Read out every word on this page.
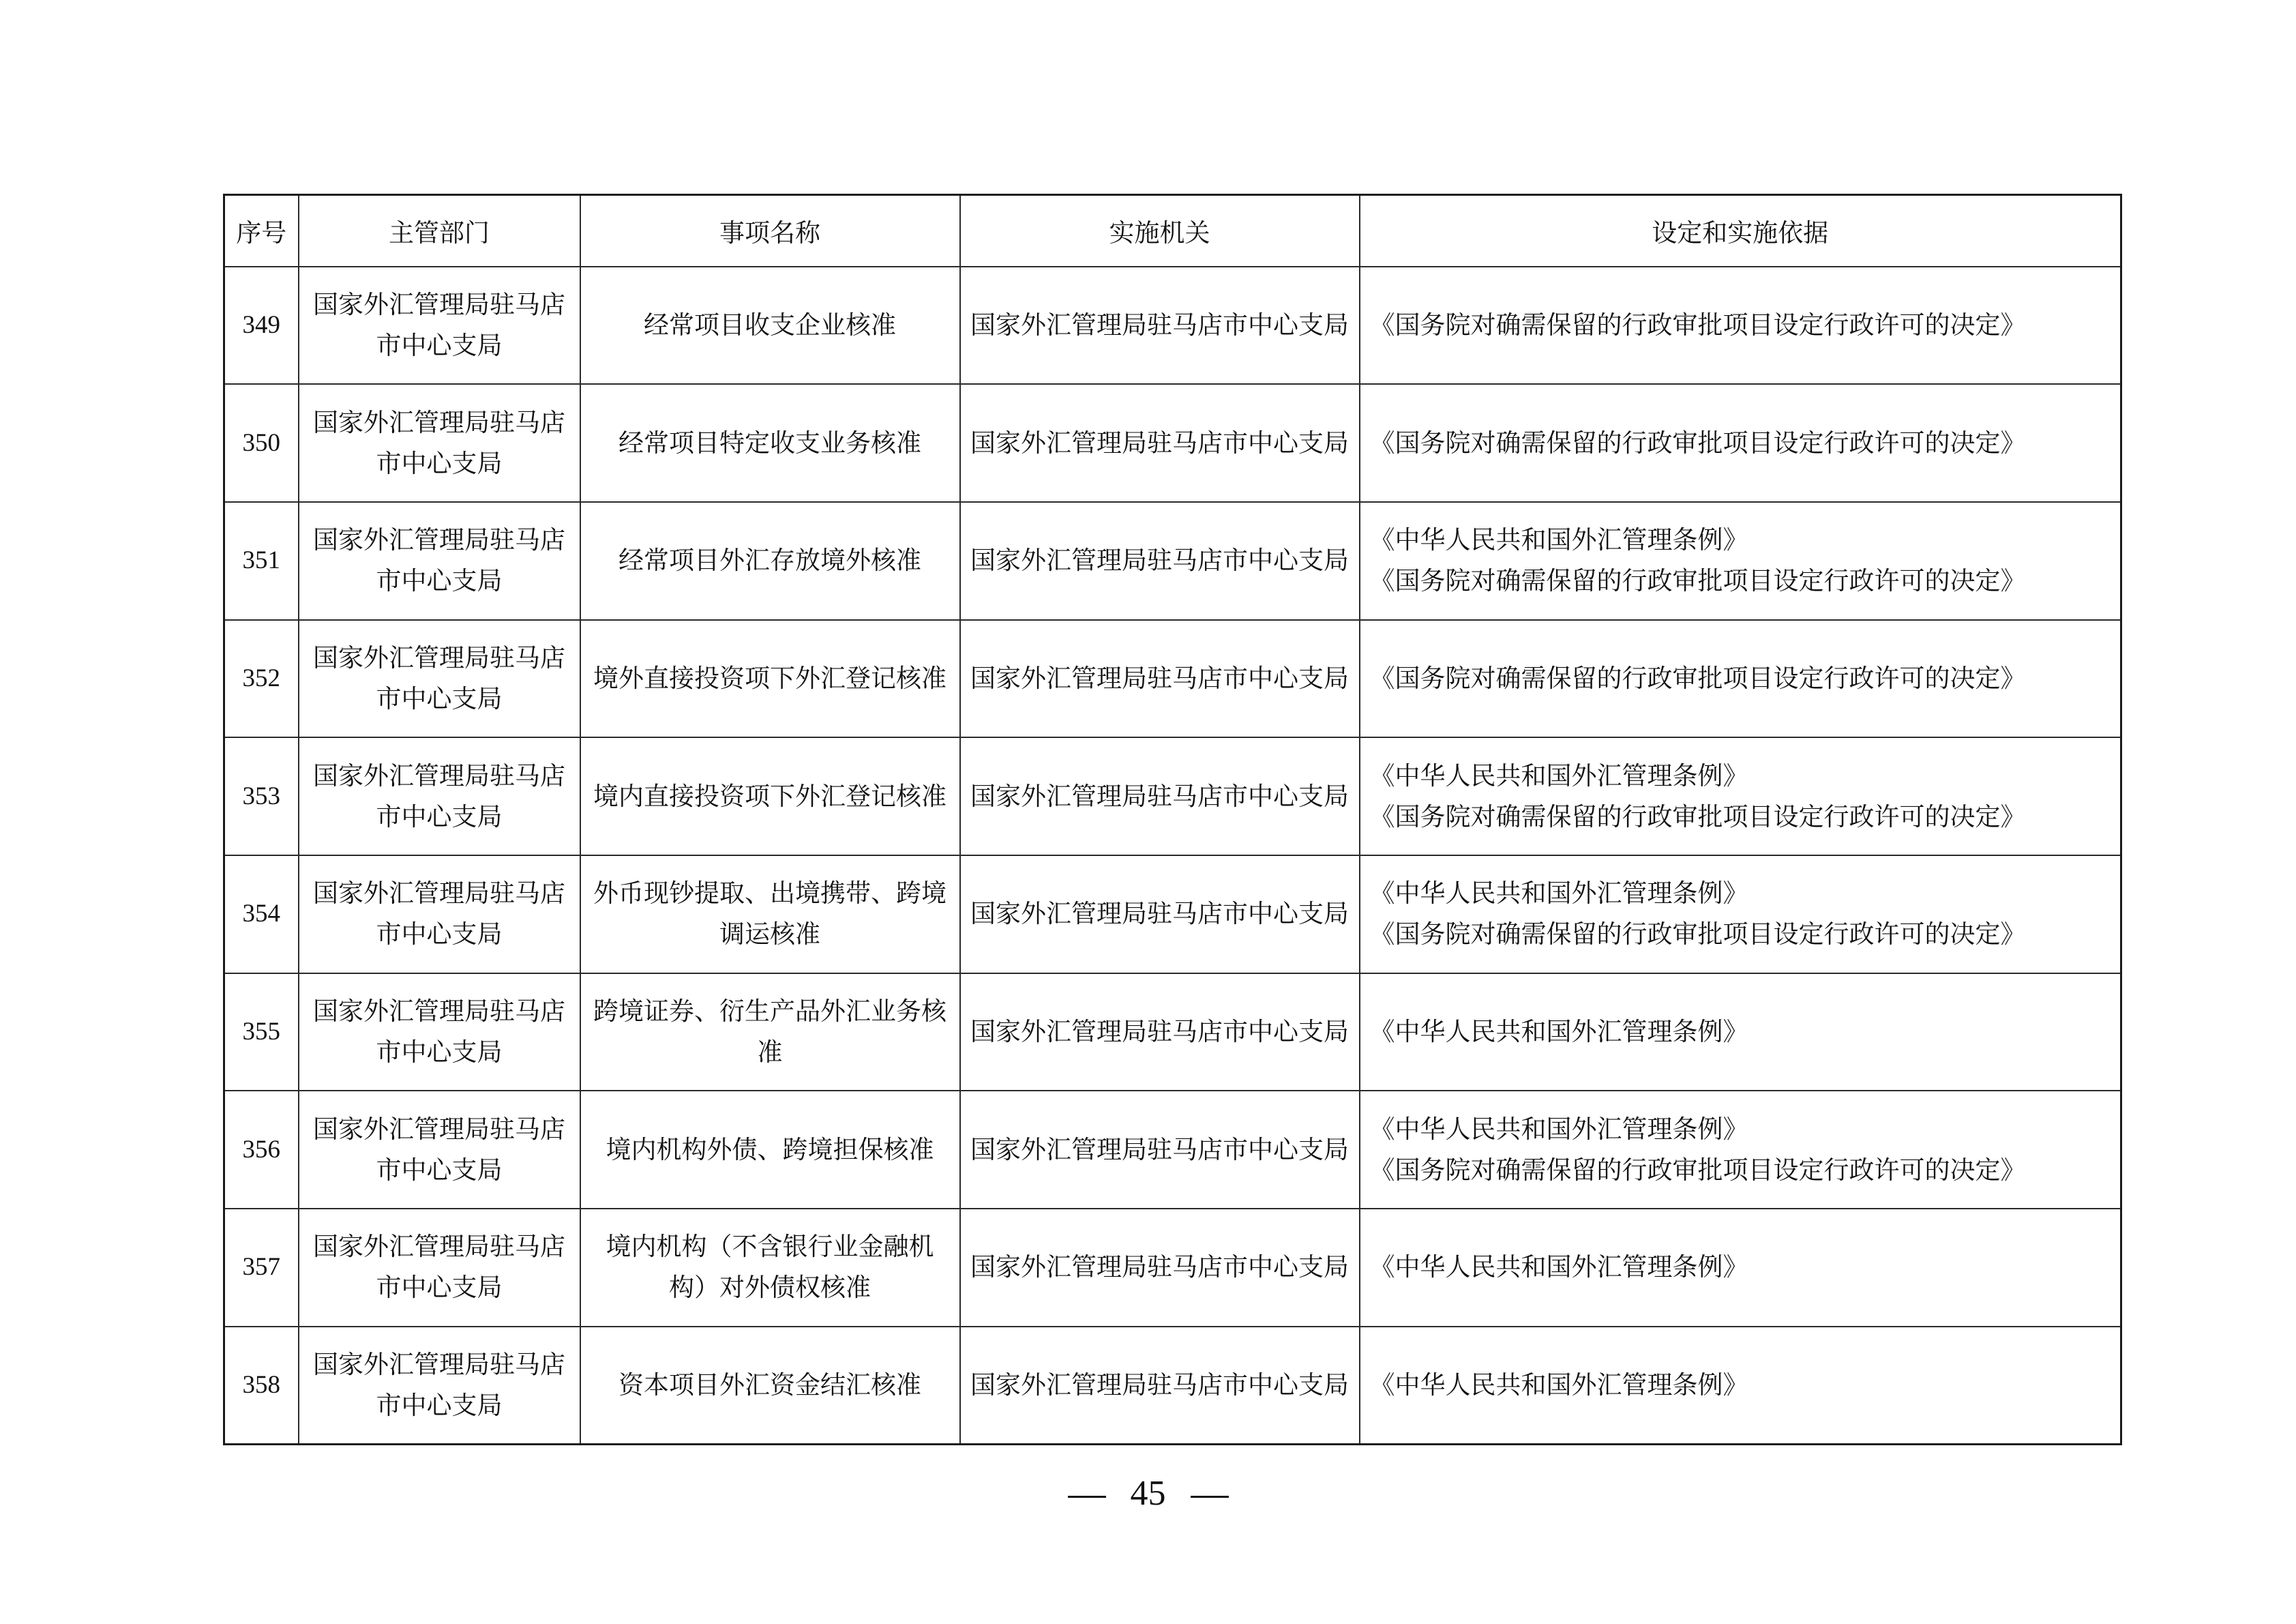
序号	主管部门	事项名称	实施机关	设定和实施依据
349	国家外汇管理局驻马店市中心支局	经常项目收支企业核准	国家外汇管理局驻马店市中心支局	《国务院对确需保留的行政审批项目设定行政许可的决定》

350	国家外汇管理局驻马店市中心支局	经常项目特定收支业务核准	国家外汇管理局驻马店市中心支局	《国务院对确需保留的行政审批项目设定行政许可的决定》

351	国家外汇管理局驻马店市中心支局	经常项目外汇存放境外核准	国家外汇管理局驻马店市中心支局	《中华人民共和国外汇管理条例》
《国务院对确需保留的行政审批项目设定行政许可的决定》

352	国家外汇管理局驻马店市中心支局	境外直接投资项下外汇登记核准	国家外汇管理局驻马店市中心支局	《国务院对确需保留的行政审批项目设定行政许可的决定》

353	国家外汇管理局驻马店市中心支局	境内直接投资项下外汇登记核准	国家外汇管理局驻马店市中心支局	《中华人民共和国外汇管理条例》
《国务院对确需保留的行政审批项目设定行政许可的决定》

354	国家外汇管理局驻马店市中心支局	外币现钞提取、出境携带、跨境调运核准	国家外汇管理局驻马店市中心支局	《中华人民共和国外汇管理条例》
《国务院对确需保留的行政审批项目设定行政许可的决定》

355	国家外汇管理局驻马店市中心支局	跨境证券、衍生产品外汇业务核准	国家外汇管理局驻马店市中心支局	《中华人民共和国外汇管理条例》

356	国家外汇管理局驻马店市中心支局	境内机构外债、跨境担保核准	国家外汇管理局驻马店市中心支局	《中华人民共和国外汇管理条例》
《国务院对确需保留的行政审批项目设定行政许可的决定》

357	国家外汇管理局驻马店市中心支局	境内机构（不含银行业金融机构）对外债权核准	国家外汇管理局驻马店市中心支局	《中华人民共和国外汇管理条例》

358	国家外汇管理局驻马店市中心支局	资本项目外汇资金结汇核准	国家外汇管理局驻马店市中心支局	《中华人民共和国外汇管理条例》
45
